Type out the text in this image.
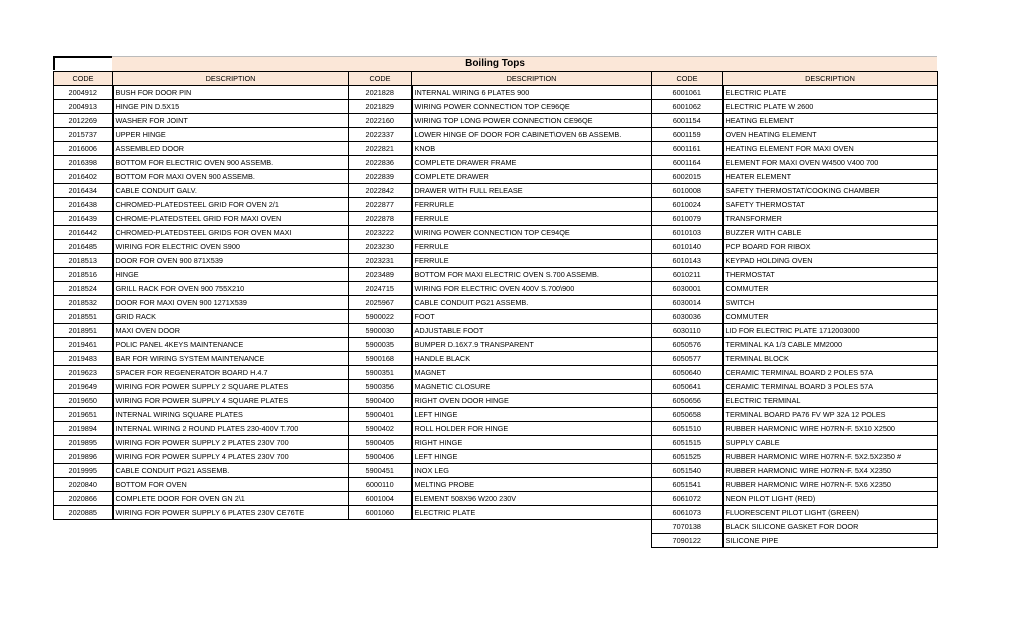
Boiling Tops
CODE	DESCRIPTION	CODE	DESCRIPTION	CODE	DESCRIPTION
2004912	BUSH FOR DOOR PIN	2021828	INTERNAL WIRING 6 PLATES 900	6001061	ELECTRIC PLATE
2004913	HINGE PIN D.5X15	2021829	WIRING POWER CONNECTION TOP CE96QE	6001062	ELECTRIC PLATE W 2600
2012269	WASHER FOR JOINT	2022160	WIRING TOP LONG POWER CONNECTION CE96QE	6001154	HEATING ELEMENT
2015737	UPPER HINGE	2022337	LOWER HINGE OF DOOR FOR CABINET\OVEN 6B ASSEMB.	6001159	OVEN HEATING ELEMENT
2016006	ASSEMBLED DOOR	2022821	KNOB	6001161	HEATING ELEMENT FOR MAXI OVEN
2016398	BOTTOM FOR ELECTRIC OVEN 900 ASSEMB.	2022836	COMPLETE DRAWER FRAME	6001164	ELEMENT FOR MAXI OVEN W4500 V400 700
2016402	BOTTOM FOR MAXI OVEN 900 ASSEMB.	2022839	COMPLETE DRAWER	6002015	HEATER ELEMENT
2016434	CABLE CONDUIT GALV.	2022842	DRAWER WITH FULL RELEASE	6010008	SAFETY THERMOSTAT/COOKING CHAMBER
2016438	CHROMED-PLATEDSTEEL GRID FOR OVEN 2/1	2022877	FERRURLE	6010024	SAFETY THERMOSTAT
2016439	CHROME-PLATEDSTEEL GRID FOR MAXI OVEN	2022878	FERRULE	6010079	TRANSFORMER
2016442	CHROMED-PLATEDSTEEL GRIDS FOR OVEN MAXI	2023222	WIRING POWER CONNECTION TOP CE94QE	6010103	BUZZER WITH CABLE
2016485	WIRING FOR ELECTRIC OVEN S900	2023230	FERRULE	6010140	PCP BOARD FOR RIBOX
2018513	DOOR FOR OVEN 900 871X539	2023231	FERRULE	6010143	KEYPAD HOLDING OVEN
2018516	HINGE	2023489	BOTTOM FOR MAXI ELECTRIC OVEN S.700 ASSEMB.	6010211	THERMOSTAT
2018524	GRILL RACK FOR OVEN 900 755X210	2024715	WIRING FOR ELECTRIC OVEN 400V S.700\900	6030001	COMMUTER
2018532	DOOR FOR MAXI OVEN 900 1271X539	2025967	CABLE CONDUIT PG21 ASSEMB.	6030014	SWITCH
2018551	GRID RACK	5900022	FOOT	6030036	COMMUTER
2018951	MAXI OVEN DOOR	5900030	ADJUSTABLE FOOT	6030110	LID FOR ELECTRIC PLATE 1712003000
2019461	POLIC PANEL 4KEYS MAINTENANCE	5900035	BUMPER D.16X7.9 TRANSPARENT	6050576	TERMINAL KA 1/3 CABLE MM2000
2019483	BAR FOR WIRING SYSTEM MAINTENANCE	5900168	HANDLE BLACK	6050577	TERMINAL BLOCK
2019623	SPACER FOR REGENERATOR BOARD H.4.7	5900351	MAGNET	6050640	CERAMIC TERMINAL BOARD 2 POLES 57A
2019649	WIRING FOR POWER SUPPLY 2 SQUARE PLATES	5900356	MAGNETIC CLOSURE	6050641	CERAMIC TERMINAL BOARD 3 POLES 57A
2019650	WIRING FOR POWER SUPPLY 4 SQUARE PLATES	5900400	RIGHT OVEN DOOR HINGE	6050656	ELECTRIC TERMINAL
2019651	INTERNAL WIRING SQUARE PLATES	5900401	LEFT HINGE	6050658	TERMINAL BOARD PA76 FV WP 32A 12 POLES
2019894	INTERNAL WIRING 2 ROUND PLATES 230-400V T.700	5900402	ROLL HOLDER FOR HINGE	6051510	RUBBER HARMONIC WIRE H07RN-F. 5X10 X2500
2019895	WIRING FOR POWER SUPPLY 2 PLATES 230V 700	5900405	RIGHT HINGE	6051515	SUPPLY CABLE
2019896	WIRING FOR POWER SUPPLY 4 PLATES 230V 700	5900406	LEFT HINGE	6051525	RUBBER HARMONIC WIRE H07RN-F. 5X2.5X2350 #
2019995	CABLE CONDUIT PG21 ASSEMB.	5900451	INOX LEG	6051540	RUBBER HARMONIC WIRE H07RN-F. 5X4 X2350
2020840	BOTTOM FOR OVEN	6000110	MELTING PROBE	6051541	RUBBER HARMONIC WIRE H07RN-F. 5X6 X2350
2020866	COMPLETE DOOR FOR OVEN GN 2\1	6001004	ELEMENT 508X96 W200 230V	6061072	NEON PILOT LIGHT (RED)
2020885	WIRING FOR POWER SUPPLY 6 PLATES 230V CE76TE	6001060	ELECTRIC PLATE	6061073	FLUORESCENT PILOT LIGHT (GREEN)
				7070138	BLACK SILICONE GASKET FOR DOOR
				7090122	SILICONE PIPE
